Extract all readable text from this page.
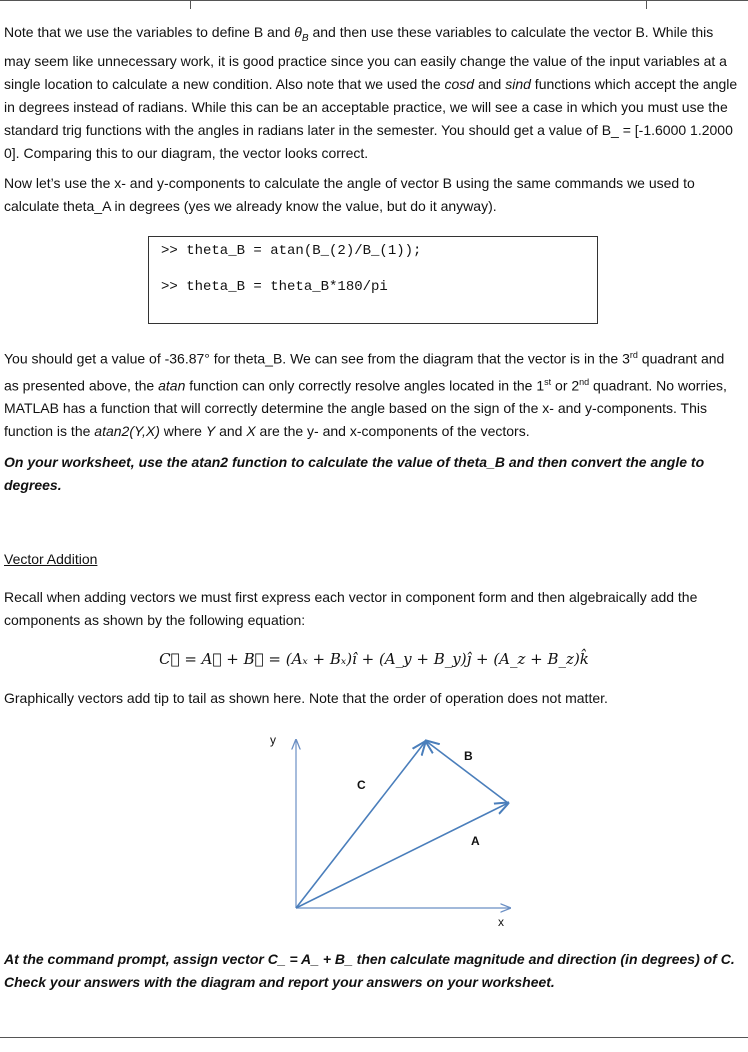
Note that we use the variables to define B and $\theta_B$ and then use these variables to calculate the vector B. While this may seem like unnecessary work, it is good practice since you can easily change the value of the input variables at a single location to calculate a new condition. Also note that we used the cosd and sind functions which accept the angle in degrees instead of radians. While this can be an acceptable practice, we will see a case in which you must use the standard trig functions with the angles in radians later in the semester. You should get a value of B_ = [-1.6000 1.2000 0]. Comparing this to our diagram, the vector looks correct.

Now let’s use the x- and y-components to calculate the angle of vector B using the same commands we used to calculate theta_A in degrees (yes we already know the value, but do it anyway).

>> theta_B = atan(B_(2)/B_(1));
>> theta_B = theta_B*180/pi

You should get a value of -36.87° for theta_B. We can see from the diagram that the vector is in the 3rd quadrant and as presented above, the atan function can only correctly resolve angles located in the 1st or 2nd quadrant. No worries, MATLAB has a function that will correctly determine the angle based on the sign of the x- and y-components. This function is the atan2(Y,X) where Y and X are the y- and x-components of the vectors.

On your worksheet, use the atan2 function to calculate the value of theta_B and then convert the angle to degrees.

Vector Addition

Recall when adding vectors we must first express each vector in component form and then algebraically add the components as shown by the following equation:

C⃗ = A⃗ + B⃗ = (Aₓ + Bₓ)î + (A_y + B_y)ĵ + (A_z + B_z)k̂

Graphically vectors add tip to tail as shown here. Note that the order of operation does not matter.

y
x
B
C
A

At the command prompt, assign vector C_ = A_ + B_ then calculate magnitude and direction (in degrees) of C. Check your answers with the diagram and report your answers on your worksheet.
